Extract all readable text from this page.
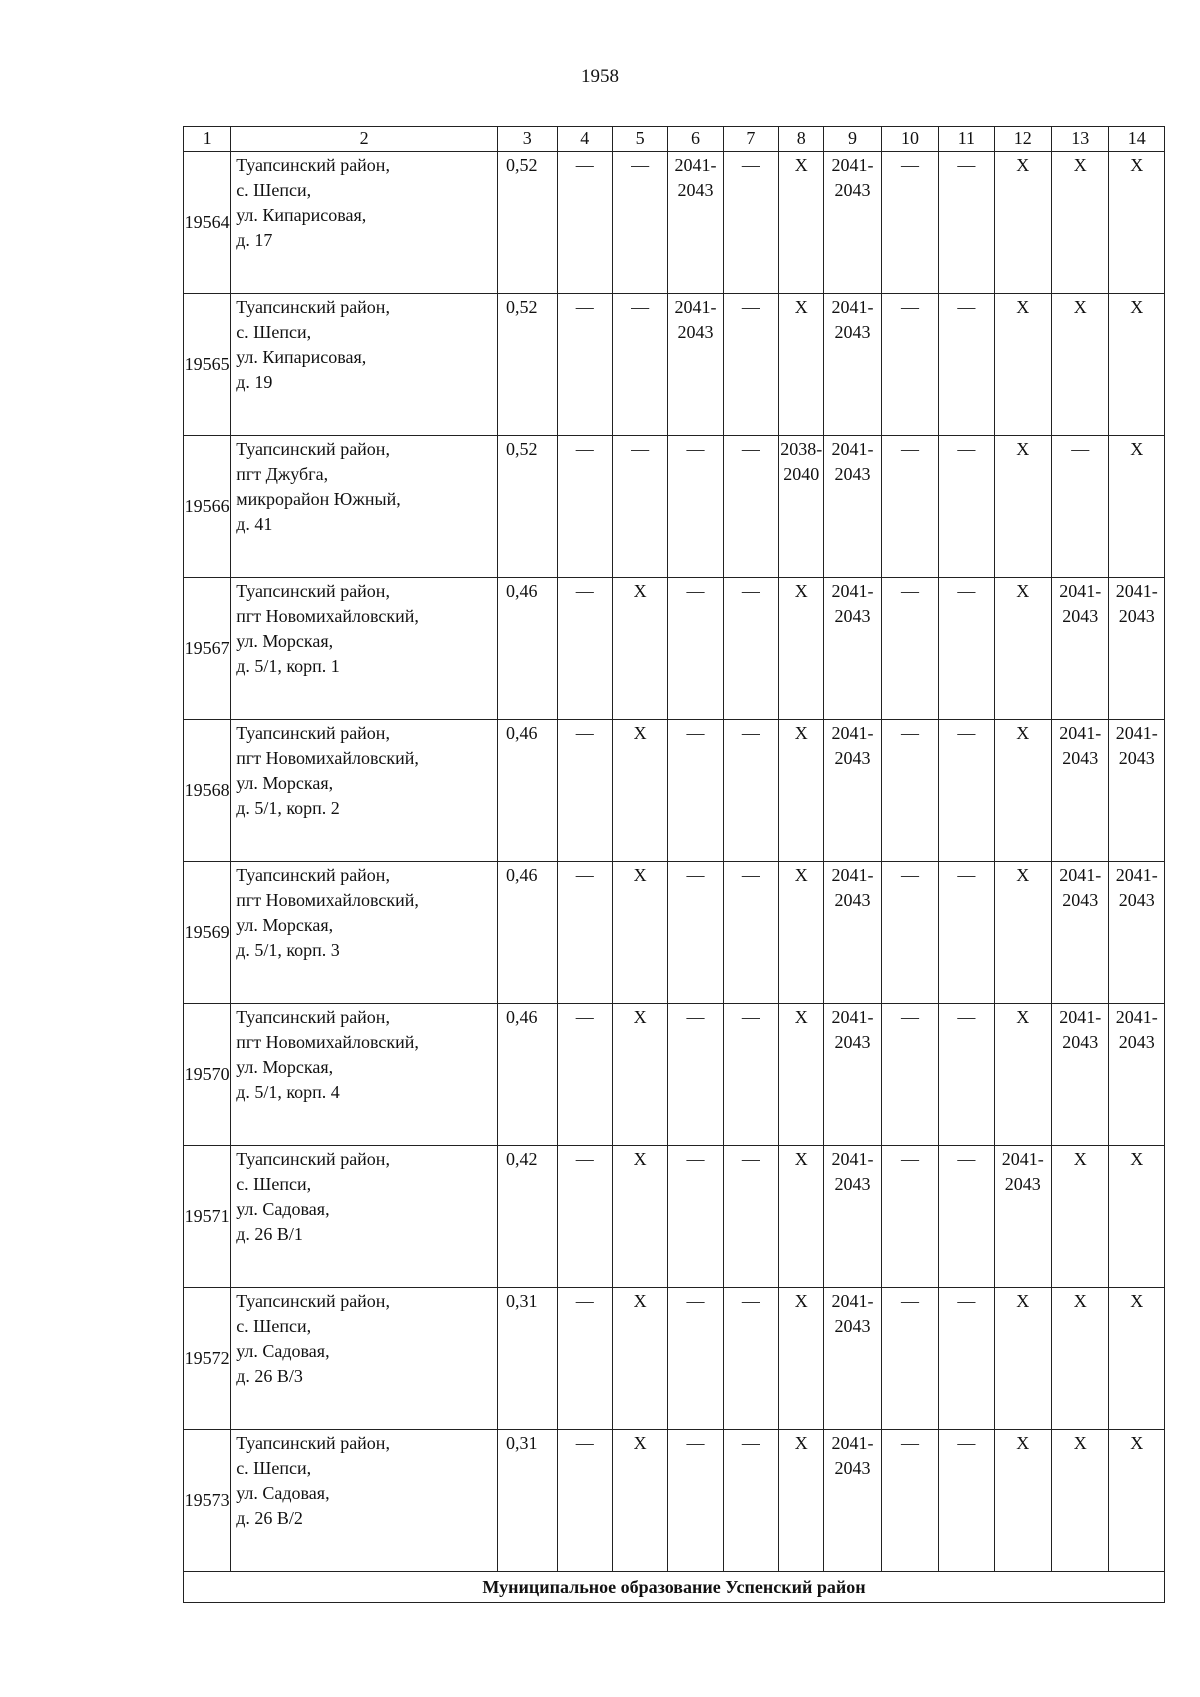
1958
1	2	3	4	5	6	7	8	9	10	11	12	13	14
19564	Туапсинский район,
с. Шепси,
ул. Кипарисовая,
д. 17	0,52	—	—	2041-
2043	—	X	2041-
2043	—	—	X	X	X
19565	Туапсинский район,
с. Шепси,
ул. Кипарисовая,
д. 19	0,52	—	—	2041-
2043	—	X	2041-
2043	—	—	X	X	X
19566	Туапсинский район,
пгт Джубга,
микрорайон Южный,
д. 41	0,52	—	—	—	—	2038-
2040	2041-
2043	—	—	X	—	X
19567	Туапсинский район,
пгт Новомихайловский,
ул. Морская,
д. 5/1, корп. 1	0,46	—	X	—	—	X	2041-
2043	—	—	X	2041-
2043	2041-
2043
19568	Туапсинский район,
пгт Новомихайловский,
ул. Морская,
д. 5/1, корп. 2	0,46	—	X	—	—	X	2041-
2043	—	—	X	2041-
2043	2041-
2043
19569	Туапсинский район,
пгт Новомихайловский,
ул. Морская,
д. 5/1, корп. 3	0,46	—	X	—	—	X	2041-
2043	—	—	X	2041-
2043	2041-
2043
19570	Туапсинский район,
пгт Новомихайловский,
ул. Морская,
д. 5/1, корп. 4	0,46	—	X	—	—	X	2041-
2043	—	—	X	2041-
2043	2041-
2043
19571	Туапсинский район,
с. Шепси,
ул. Садовая,
д. 26 В/1	0,42	—	X	—	—	X	2041-
2043	—	—	2041-
2043	X	X
19572	Туапсинский район,
с. Шепси,
ул. Садовая,
д. 26 В/3	0,31	—	X	—	—	X	2041-
2043	—	—	X	X	X
19573	Туапсинский район,
с. Шепси,
ул. Садовая,
д. 26 В/2	0,31	—	X	—	—	X	2041-
2043	—	—	X	X	X
Муниципальное образование Успенский район													
